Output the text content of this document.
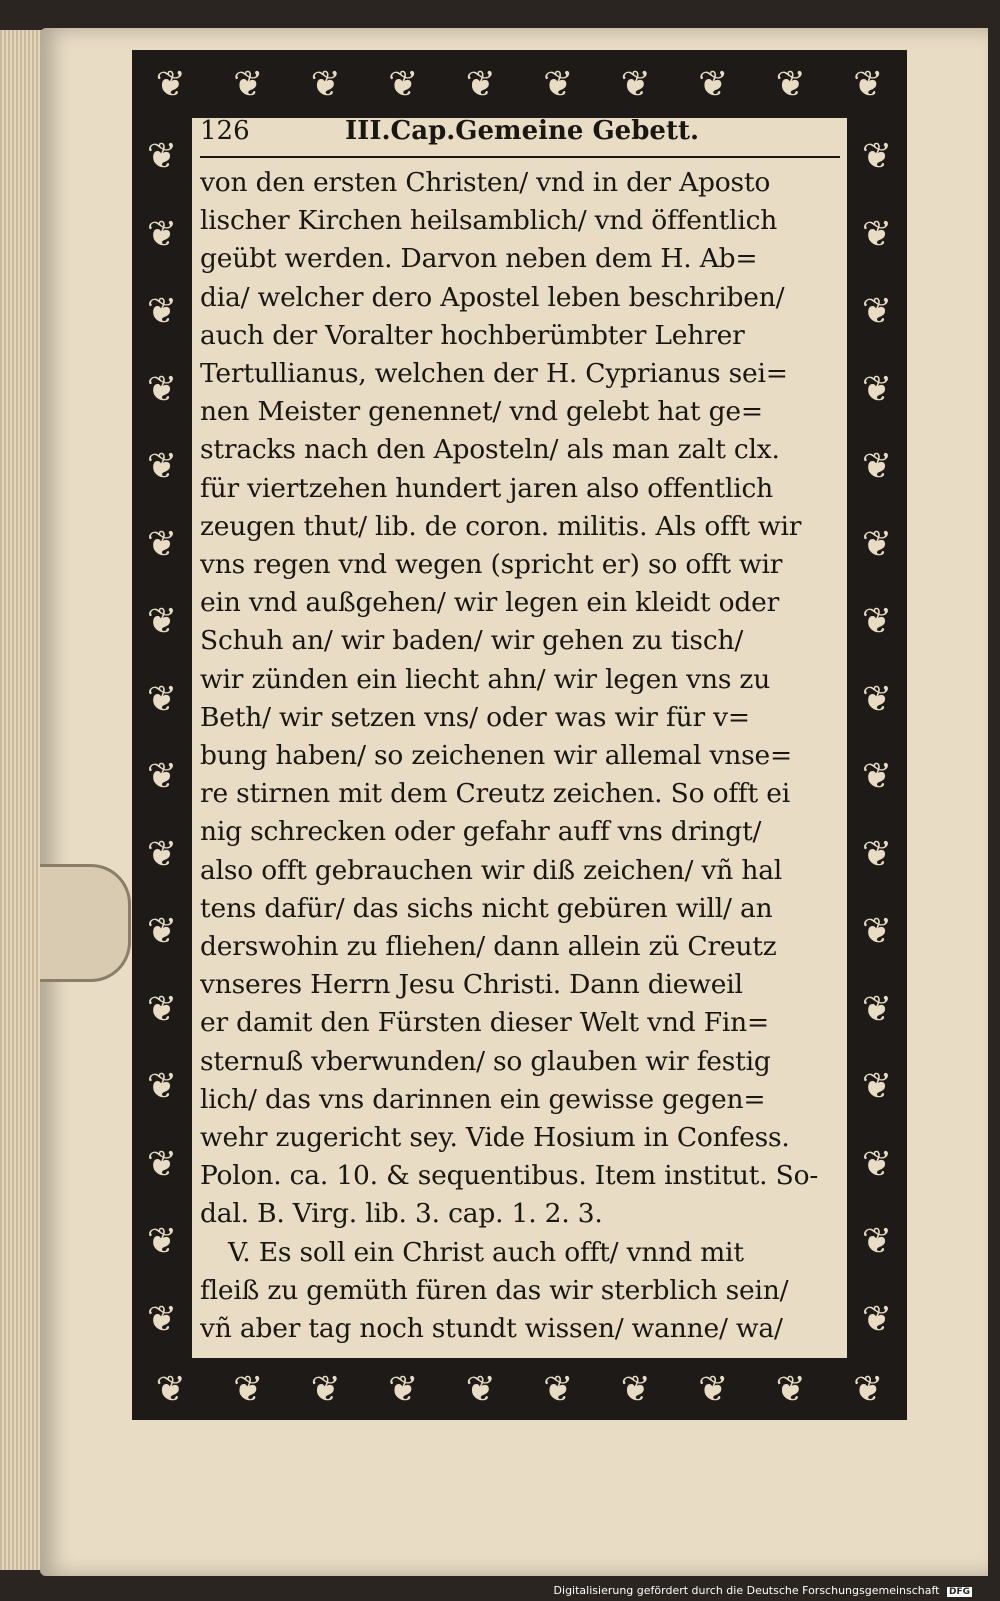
❦ ❦ ❦ ❦ ❦ ❦ ❦ ❦ ❦ ❦
❦ ❦ ❦ ❦ ❦ ❦ ❦ ❦ ❦ ❦
❦
❦
❦
❦
❦
❦
❦
❦
❦
❦
❦
❦
❦
❦
❦
❦
❦
❦
❦
❦
❦
❦
❦
❦
❦
❦
❦
❦
❦
❦
❦
❦
126	III.Cap.Gemeine Gebett.
von den ersten Christen/ vnd in der Aposto
lischer Kirchen heilsamblich/ vnd öffentlich
geübt werden. Darvon neben dem H. Ab=
dia/ welcher dero Apostel leben beschriben/
auch der Voralter hochberümbter Lehrer
Tertullianus, welchen der H. Cyprianus sei=
nen Meister genennet/ vnd gelebt hat ge=
stracks nach den Aposteln/ als man zalt clx.
für viertzehen hundert jaren also offentlich
zeugen thut/ lib. de coron. militis. Als offt wir
vns regen vnd wegen (spricht er) so offt wir
ein vnd außgehen/ wir legen ein kleidt oder
Schuh an/ wir baden/ wir gehen zu tisch/
wir zünden ein liecht ahn/ wir legen vns zu
Beth/ wir setzen vns/ oder was wir für v=
bung haben/ so zeichenen wir allemal vnse=
re stirnen mit dem Creutz zeichen. So offt ei
nig schrecken oder gefahr auff vns dringt/
also offt gebrauchen wir diß zeichen/ vñ hal
tens dafür/ das sichs nicht gebüren will/ an
derswohin zu fliehen/ dann allein zü Creutz
vnseres Herrn Jesu Christi. Dann dieweil
er damit den Fürsten dieser Welt vnd Fin=
sternuß vberwunden/ so glauben wir festig
lich/ das vns darinnen ein gewisse gegen=
wehr zugericht sey. Vide Hosium in Confess.
Polon. ca. 10. & sequentibus. Item institut. So-
dal. B. Virg. lib. 3. cap. 1. 2. 3.
V. Es soll ein Christ auch offt/ vnnd mit
fleiß zu gemüth füren das wir sterblich sein/
vñ aber tag noch stundt wissen/ wanne/ wa/
Digitalisierung gefördert durch die Deutsche Forschungsgemeinschaft DFG
